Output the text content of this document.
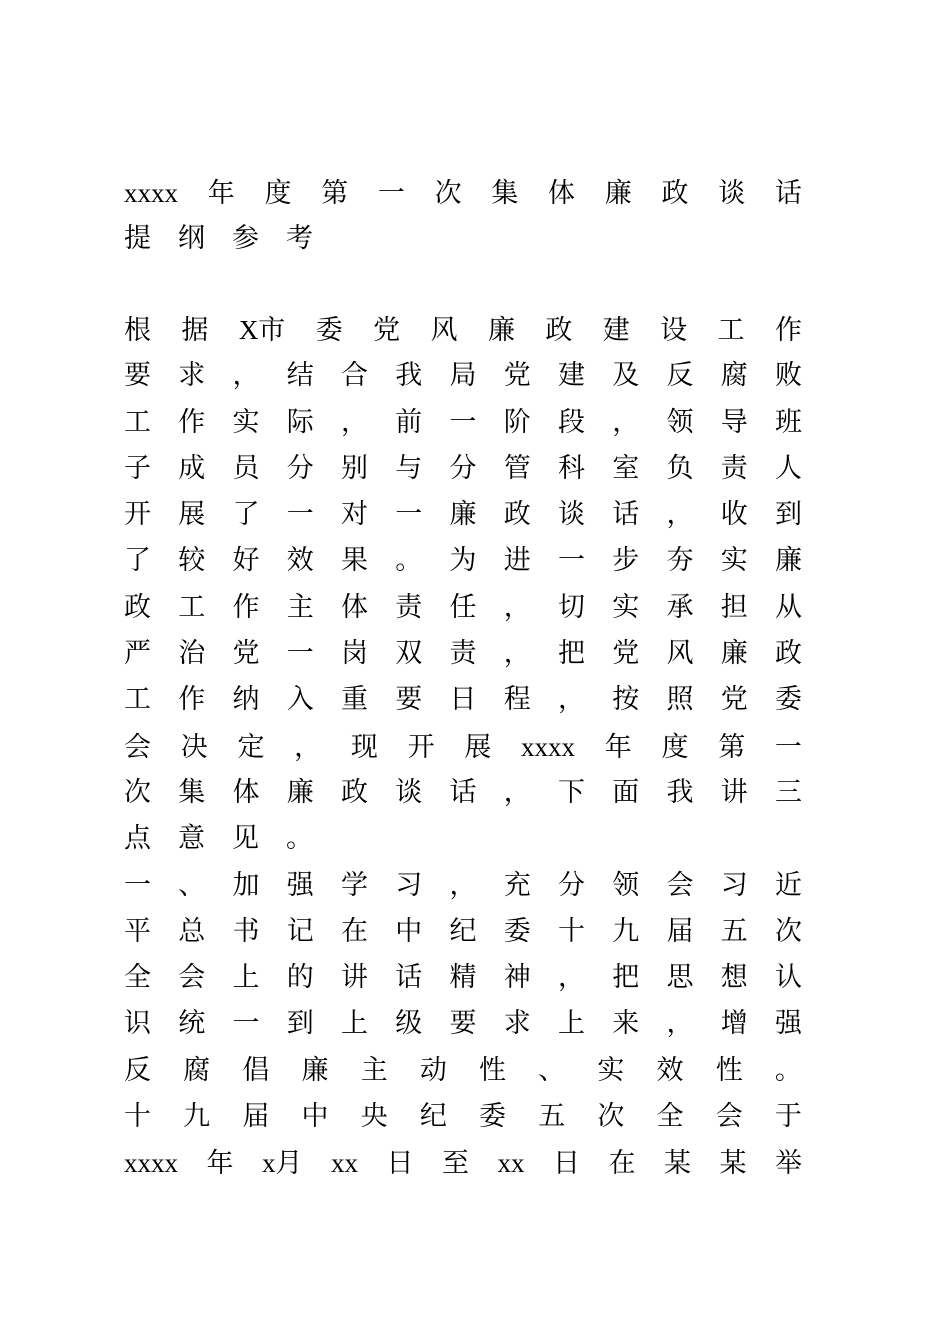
xxxx 年 度 第 一 次 集 体 廉 政 谈 话
提 纲 参 考
根 据 X市 委 党 风 廉 政 建 设 工 作
要 求 ， 结 合 我 局 党 建 及 反 腐 败
工 作 实 际 ， 前 一 阶 段 ， 领 导 班
子 成 员 分 别 与 分 管 科 室 负 责 人
开 展 了 一 对 一 廉 政 谈 话 ， 收 到
了 较 好 效 果 。 为 进 一 步 夯 实 廉
政 工 作 主 体 责 任 ， 切 实 承 担 从
严 治 党 一 岗 双 责 ， 把 党 风 廉 政
工 作 纳 入 重 要 日 程 ， 按 照 党 委
会 决 定 ， 现 开 展 xxxx 年 度 第 一
次 集 体 廉 政 谈 话 ， 下 面 我 讲 三
点 意 见 。
一 、 加 强 学 习 ， 充 分 领 会 习 近
平 总 书 记 在 中 纪 委 十 九 届 五 次
全 会 上 的 讲 话 精 神 ， 把 思 想 认
识 统 一 到 上 级 要 求 上 来 ， 增 强
反 腐 倡 廉 主 动 性 、 实 效 性 。
十 九 届 中 央 纪 委 五 次 全 会 于
xxxx 年 x月 xx 日 至 xx 日 在 某 某 举
